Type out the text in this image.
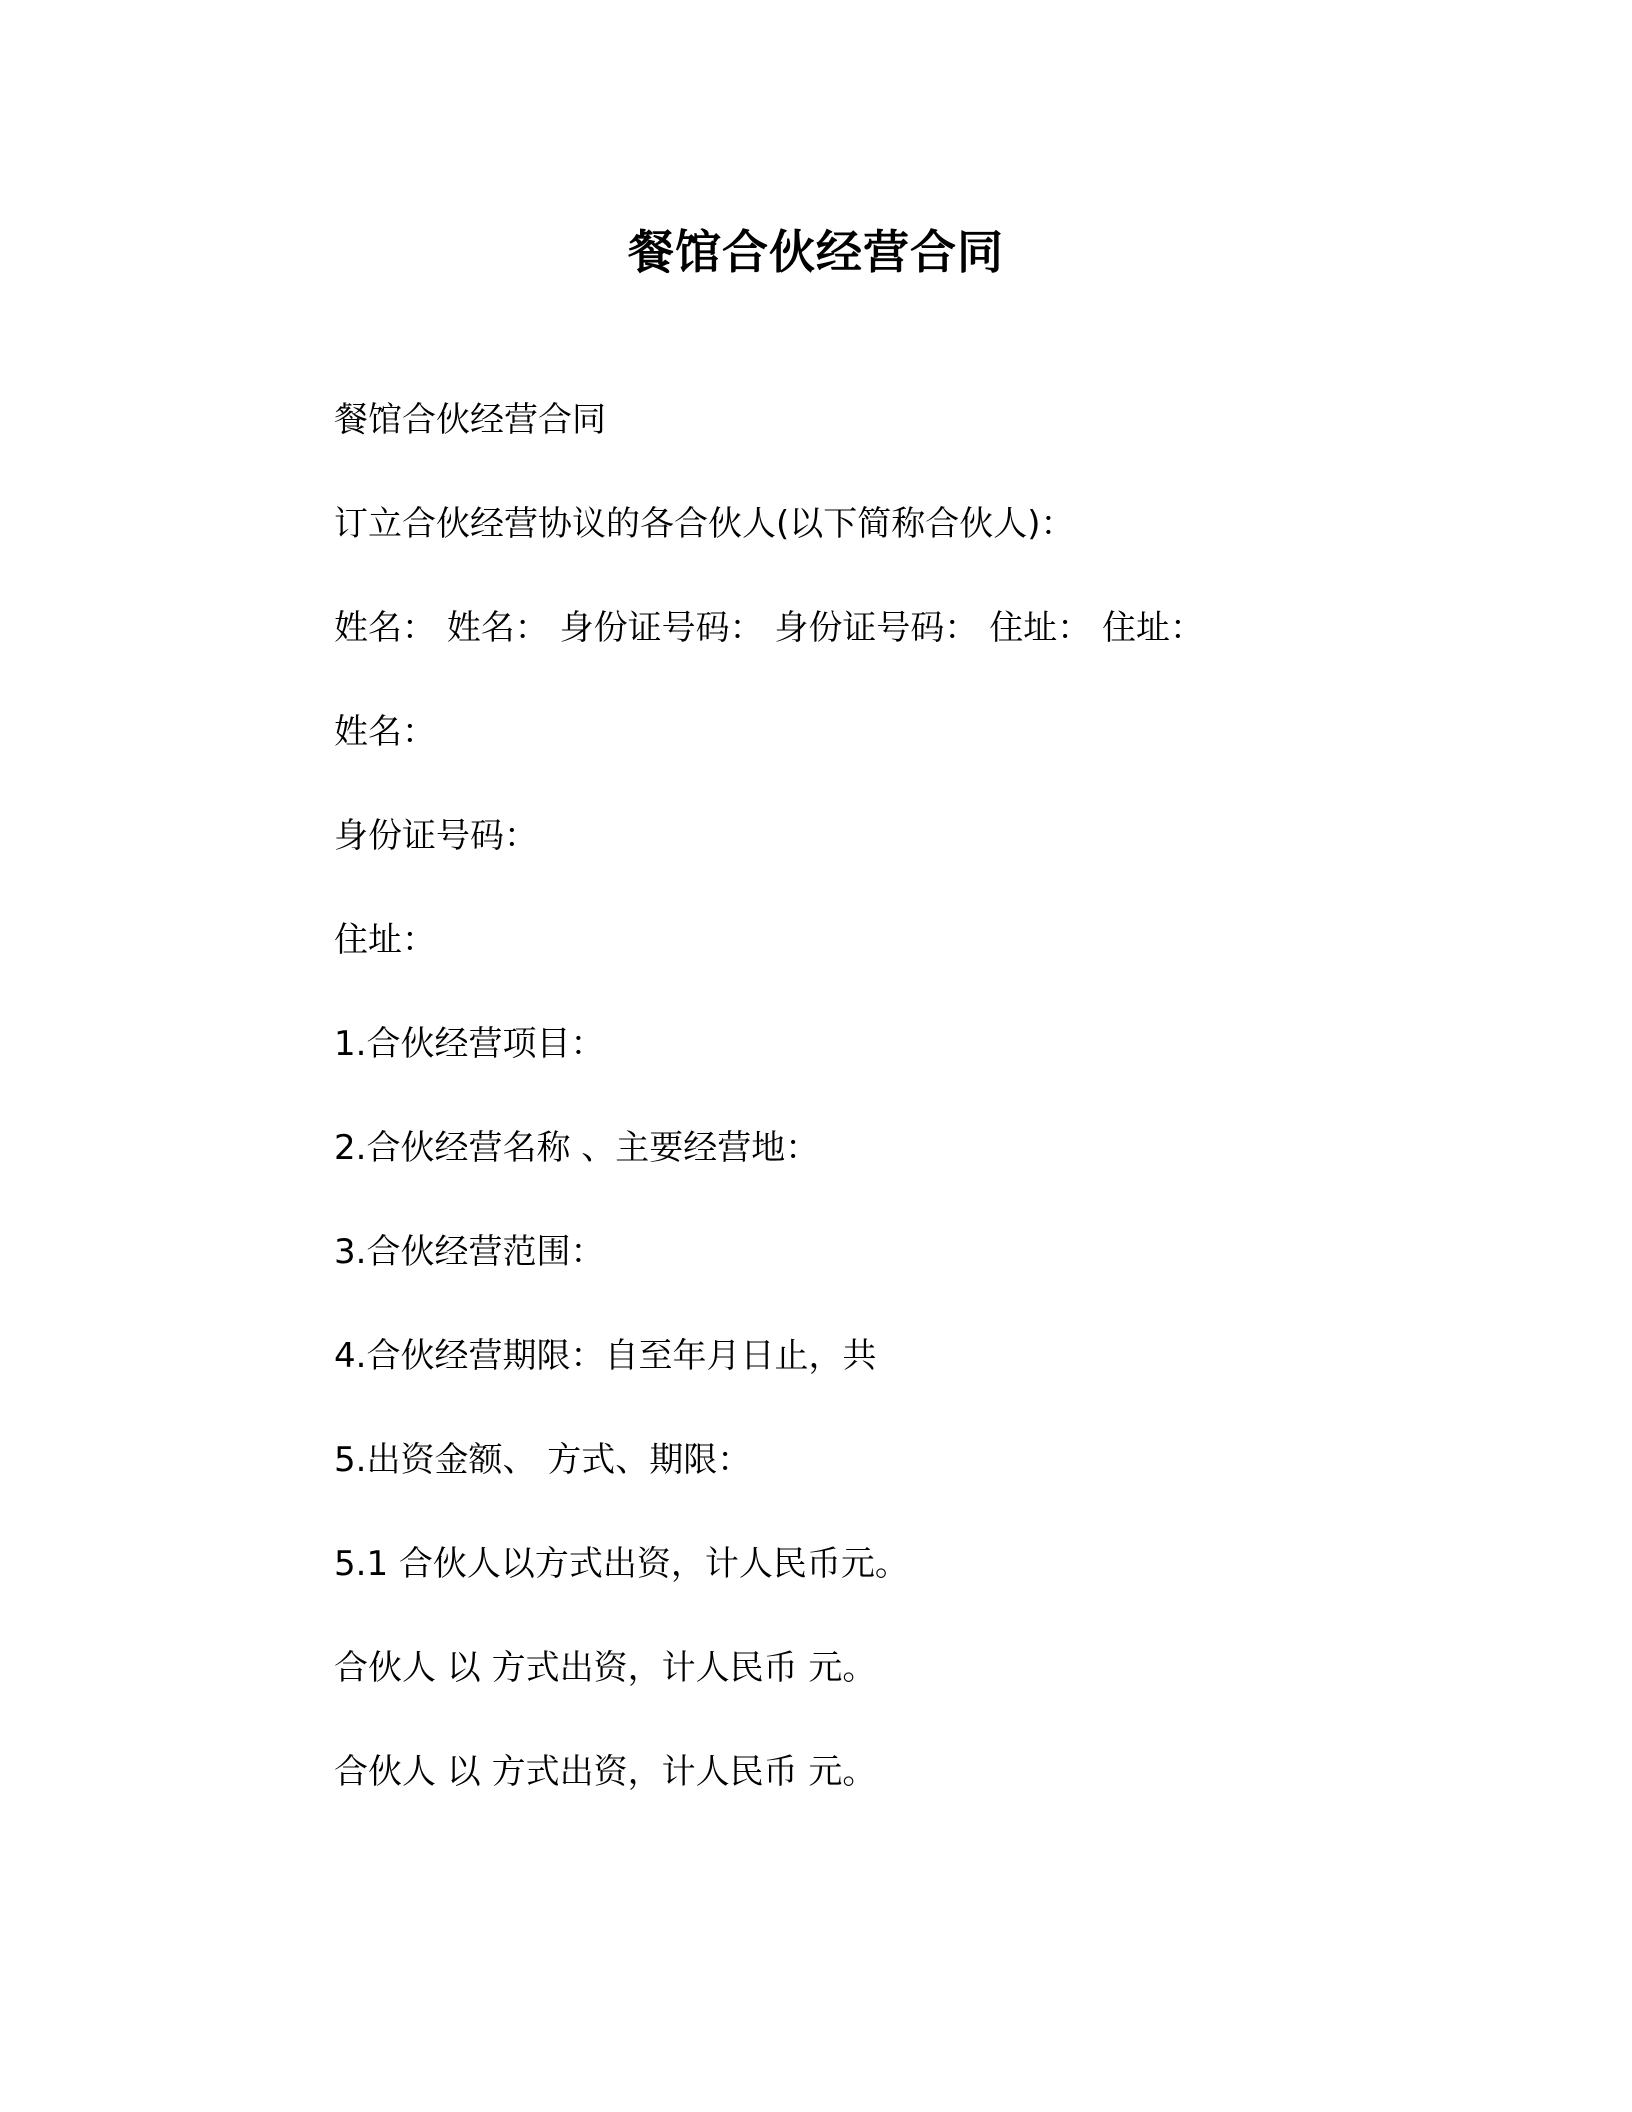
餐馆合伙经营合同
餐馆合伙经营合同
订立合伙经营协议的各合伙人(以下简称合伙人)：
姓名： 姓名： 身份证号码： 身份证号码： 住址： 住址：
姓名：
身份证号码：
住址：
1.合伙经营项目：
2.合伙经营名称 、主要经营地：
3.合伙经营范围：
4.合伙经营期限：自至年月日止，共
5.出资金额、 方式、期限：
5.1 合伙人以方式出资，计人民币元。
合伙人 以 方式出资，计人民币 元。
合伙人 以 方式出资，计人民币 元。
